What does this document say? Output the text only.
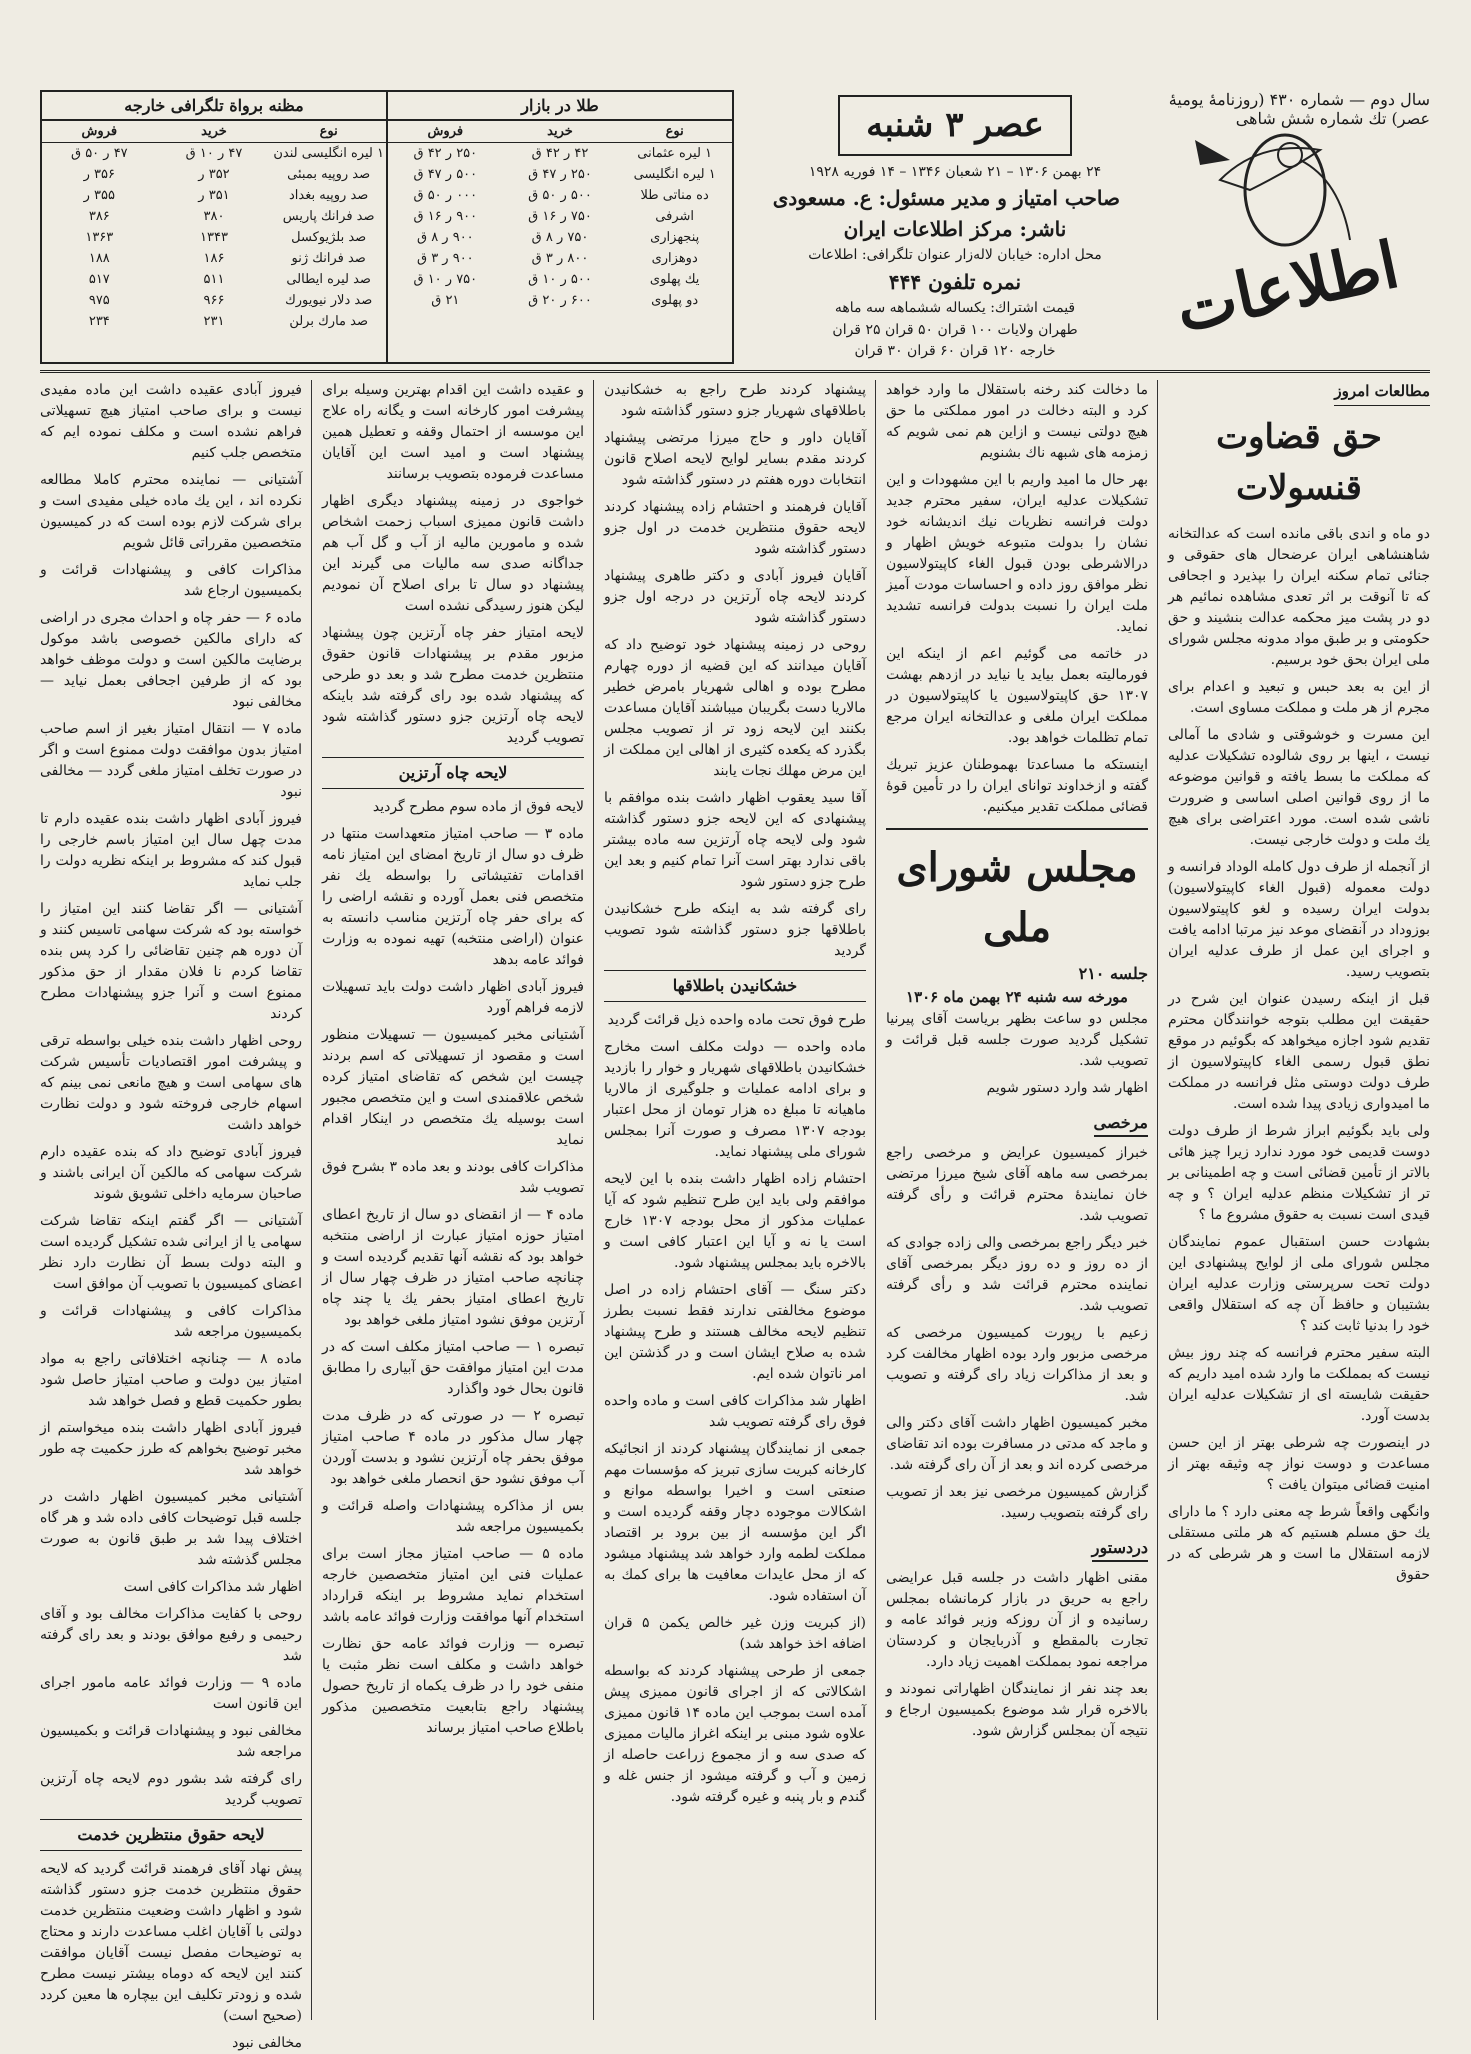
سال دوم — شماره ۴۳۰ (روزنامهٔ یومیهٔ عصر) تك شماره شش شاهی
اطلاعات
عصر ۳ شنبه
۲۴ بهمن ۱۳۰۶ – ۲۱ شعبان ۱۳۴۶ – ۱۴ فوریه ۱۹۲۸
صاحب امتیاز و مدیر مسئول: ع. مسعودی
ناشر: مرکز اطلاعات ایران
محل اداره: خیابان لاله‌زار عنوان تلگرافی: اطلاعات
نمره تلفون ۴۴۴
قیمت اشتراك: یکساله ششماهه سه ماهه
طهران ولایات ۱۰۰ قران ۵۰ قران ۲۵ قران
خارجه ۱۲۰ قران ۶۰ قران ۳۰ قران
طلا در بازار
نوع
خرید
فروش
۱ لیره عثمانی
۴۲ ر ۴۲ ق
۲۵۰ ر ۴۲ ق
۱ لیره انگلیسی
۲۵۰ ر ۴۷ ق
۵۰۰ ر ۴۷ ق
ده مناتی طلا
۵۰۰ ر ۵۰ ق
۰۰۰ ر ۵۰ ق
اشرفی
۷۵۰ ر ۱۶ ق
۹۰۰ ر ۱۶ ق
پنجهزاری
۷۵۰ ر ۸ ق
۹۰۰ ر ۸ ق
دوهزاری
۸۰۰ ر ۳ ق
۹۰۰ ر ۳ ق
یك پهلوی
۵۰۰ ر ۱۰ ق
۷۵۰ ر ۱۰ ق
دو پهلوی
۶۰۰ ر ۲۰ ق
۲۱ ق
مظنه برواة تلگرافی خارجه
نوع
خرید
فروش
۱ لیره انگلیسی لندن
۴۷ ر ۱۰ ق
۴۷ ر ۵۰ ق
صد روپیه بمبئی
۳۵۲ ر
۳۵۶ ر
صد روپیه بغداد
۳۵۱ ر
۳۵۵ ر
صد فرانك پاریس
۳۸۰
۳۸۶
صد بلژیوکسل
۱۳۴۳
۱۳۶۳
صد فرانك ژنو
۱۸۶
۱۸۸
صد لیره ایطالی
۵۱۱
۵۱۷
صد دلار نیویورك
۹۶۶
۹۷۵
صد مارك برلن
۲۳۱
۲۳۴
مطالعات امروز
حق قضاوت قنسولات

دو ماه و اندی باقی مانده است که عدالتخانه شاهنشاهی ایران عرضحال های حقوقی و جنائی تمام سکنه ایران را بپذیرد و اجحافی که تا آنوقت بر اثر تعدی مشاهده نمائیم هر دو در پشت میز محکمه عدالت بنشیند و حق حکومتی و بر طبق مواد مدونه مجلس شورای ملی ایران بحق خود برسیم.

از این به بعد حبس و تبعید و اعدام برای مجرم از هر ملت و مملکت مساوی است.

این مسرت و خوشوقتی و شادی ما آمالی نیست ، اینها بر روی شالوده تشکیلات عدلیه که مملکت ما بسط یافته و قوانین موضوعه ما از روی قوانین اصلی اساسی و ضرورت ناشی شده است. مورد اعتراضی برای هیچ یك ملت و دولت خارجی نیست.

از آنجمله از طرف دول کامله الوداد فرانسه و دولت معموله (قبول الغاء کاپیتولاسیون) بدولت ایران رسیده و لغو کاپیتولاسیون بوزوداد در آنقضای موعد نیز مرتبا ادامه یافت و اجرای این عمل از طرف عدلیه ایران بتصویب رسید.

قبل از اینکه رسیدن عنوان این شرح در حقیقت این مطلب بتوجه خوانندگان محترم تقدیم شود اجازه میخواهد که بگوئیم در موقع نطق قبول رسمی الغاء کاپیتولاسیون از طرف دولت دوستی مثل فرانسه در مملکت ما امیدواری زیادی پیدا شده است.

ولی باید بگوئیم ابراز شرط از طرف دولت دوست قدیمی خود مورد ندارد زیرا چیز هائی بالاتر از تأمین قضائی است و چه اطمینانی بر تر از تشکیلات منظم عدلیه ایران ؟ و چه قیدی است نسبت به حقوق مشروع ما ؟

بشهادت حسن استقبال عموم نمایندگان مجلس شورای ملی از لوایح پیشنهادی این دولت تحت سرپرستی وزارت عدلیه ایران بشتیبان و حافظ آن چه که استقلال واقعی خود را بدنیا ثابت کند ؟

البته سفیر محترم فرانسه که چند روز بیش نیست که بمملکت ما وارد شده امید داریم که حقیقت شایسته ای از تشکیلات عدلیه ایران بدست آورد.

در اینصورت چه شرطی بهتر از این حسن مساعدت و دوست نواز چه وثیقه بهتر از امنیت قضائی میتوان یافت ؟

وانگهی واقعاً شرط چه معنی دارد ؟ ما دارای یك حق مسلم هستیم که هر ملتی مستقلی لازمه استقلال ما است و هر شرطی که در حقوق

ما دخالت کند رخنه باستقلال ما وارد خواهد کرد و البته دخالت در امور مملکتی ما حق هیچ دولتی نیست و ازاین هم نمی شویم که زمزمه های شبهه ناك بشنویم

بهر حال ما امید واریم با این مشهودات و این تشکیلات عدلیه ایران، سفیر محترم جدید دولت فرانسه نظریات نیك اندیشانه خود نشان را بدولت متبوعه خویش اظهار و درالاشرطی بودن قبول الغاء کاپیتولاسیون نظر موافق روز داده و احساسات مودت آمیز ملت ایران را نسبت بدولت فرانسه تشدید نماید.

در خاتمه می گوئیم اعم از اینکه این فورمالیته بعمل بیاید یا نیاید در ازدهم بهشت ۱۳۰۷ حق کاپیتولاسیون یا کاپیتولاسیون در مملکت ایران ملغی و عدالتخانه ایران مرجع تمام تظلمات خواهد بود.

اینستکه ما مساعدتا بهموطنان عزیز تبریك گفته و ازخداوند توانای ایران را در تأمین قوهٔ قضائی مملکت تقدیر میکنیم.

مجلس شورای ملی
جلسه ۲۱۰
مورخه سه شنبه ۲۴ بهمن ماه ۱۳۰۶

مجلس دو ساعت بظهر بریاست آقای پیرنیا تشکیل گردید صورت جلسه قبل قرائت و تصویب شد.

اظهار شد وارد دستور شویم

مرخصی

خبراز کمیسیون عرایض و مرخصی راجع بمرخصی سه ماهه آقای شیخ میرزا مرتضی خان نمایندهٔ محترم قرائت و رأی گرفته تصویب شد.

خبر دیگر راجع بمرخصی والی زاده جوادی که از ده روز و ده روز دیگر بمرخصی آقای نماینده محترم قرائت شد و رأی گرفته تصویب شد.

زعیم با رپورت کمیسیون مرخصی که مرخصی مزبور وارد بوده اظهار مخالفت کرد و بعد از مذاکرات زیاد رای گرفته و تصویب شد.

مخبر کمیسیون اظهار داشت آقای دکتر والی و ماجد که مدتی در مسافرت بوده اند تقاضای مرخصی کرده اند و بعد از آن رای گرفته شد.

گزارش کمیسیون مرخصی نیز بعد از تصویب رای گرفته بتصویب رسید.

دردستور

مقنی اظهار داشت در جلسه قبل عرایضی راجع به حریق در بازار کرمانشاه بمجلس رسانیده و از آن روزکه وزیر فوائد عامه و تجارت بالمقطع و آذربایجان و کردستان مراجعه نمود بمملکت اهمیت زیاد دارد.

بعد چند نفر از نمایندگان اظهاراتی نمودند و بالاخره قرار شد موضوع بکمیسیون ارجاع و نتیجه آن بمجلس گزارش شود.

پیشنهاد کردند طرح راجع به خشکانیدن باطلاقهای شهریار جزو دستور گذاشته شود

آقایان داور و حاج میرزا مرتضی پیشنهاد کردند مقدم بسایر لوایح لایحه اصلاح قانون انتخابات دوره هفتم در دستور گذاشته شود

آقایان فرهمند و احتشام زاده پیشنهاد کردند لایحه حقوق منتظرین خدمت در اول جزو دستور گذاشته شود

آقایان فیروز آبادی و دکتر طاهری پیشنهاد کردند لایحه چاه آرتزین در درجه اول جزو دستور گذاشته شود

روحی در زمینه پیشنهاد خود توضیح داد که آقایان میدانند که این قضیه از دوره چهارم مطرح بوده و اهالی شهریار بامرض خطیر مالاریا دست بگریبان میباشند آقایان مساعدت بکنند این لایحه زود تر از تصویب مجلس بگذرد که یکعده کثیری از اهالی این مملکت از این مرض مهلك نجات یابند

آقا سید یعقوب اظهار داشت بنده موافقم با پیشنهادی که این لایحه جزو دستور گذاشته شود ولی لایحه چاه آرتزین سه ماده بیشتر باقی ندارد بهتر است آنرا تمام کنیم و بعد این طرح جزو دستور شود

رای گرفته شد به اینکه طرح خشکانیدن باطلاقها جزو دستور گذاشته شود تصویب گردید

خشکانیدن باطلاقها

طرح فوق تحت ماده واحده ذیل قرائت گردید

ماده واحده — دولت مکلف است مخارج خشکانیدن باطلاقهای شهریار و خوار را بازدید و برای ادامه عملیات و جلوگیری از مالاریا ماهیانه تا مبلغ ده هزار تومان از محل اعتبار بودجه ۱۳۰۷ مصرف و صورت آنرا بمجلس شورای ملی پیشنهاد نماید.

احتشام زاده اظهار داشت بنده با این لایحه موافقم ولی باید این طرح تنظیم شود که آیا عملیات مذکور از محل بودجه ۱۳۰۷ خارج است یا نه و آیا این اعتبار کافی است و بالاخره باید بمجلس پیشنهاد شود.

دکتر سنگ — آقای احتشام زاده در اصل موضوع مخالفتی ندارند فقط نسبت بطرز تنظیم لایحه مخالف هستند و طرح پیشنهاد شده به صلاح ایشان است و در گذشتن این امر ناتوان شده ایم.

اظهار شد مذاکرات کافی است و ماده واحده فوق رای گرفته تصویب شد

جمعی از نمایندگان پیشنهاد کردند از انجائیکه کارخانه کبریت سازی تبریز که مؤسسات مهم صنعتی است و اخیرا بواسطه موانع و اشکالات موجوده دچار وقفه گردیده است و اگر این مؤسسه از بین برود بر اقتصاد مملکت لطمه وارد خواهد شد پیشنهاد میشود که از محل عایدات معافیت ها برای کمك به آن استفاده شود.

(از کبریت وزن غیر خالص یکمن ۵ قران اضافه اخذ خواهد شد)

جمعی از طرحی پیشنهاد کردند که بواسطه اشکالاتی که از اجرای قانون ممیزی پیش آمده است بموجب این ماده ۱۴ قانون ممیزی علاوه شود مبنی بر اینکه اغراز مالیات ممیزی که صدی سه و از مجموع زراعت حاصله از زمین و آب و گرفته میشود از جنس غله و گندم و بار پنبه و غیره گرفته شود.

و عقیده داشت این اقدام بهترین وسیله برای پیشرفت امور کارخانه است و یگانه راه علاج این موسسه از احتمال وقفه و تعطیل همین پیشنهاد است و امید است این آقایان مساعدت فرموده بتصویب برسانند

خواجوی در زمینه پیشنهاد دیگری اظهار داشت قانون ممیزی اسباب زحمت اشخاص شده و مامورین مالیه از آب و گل آب هم جداگانه صدی سه مالیات می گیرند این پیشنهاد دو سال تا برای اصلاح آن نمودیم لیکن هنوز رسیدگی نشده است

لایحه امتیاز حفر چاه آرتزین چون پیشنهاد مزبور مقدم بر پیشنهادات قانون حقوق منتظرین خدمت مطرح شد و بعد دو طرحی که پیشنهاد شده بود رای گرفته شد باینکه لایحه چاه آرتزین جزو دستور گذاشته شود تصویب گردید

لایحه چاه آرتزین

لایحه فوق از ماده سوم مطرح گردید

ماده ۳ — صاحب امتیاز متعهداست منتها در ظرف دو سال از تاریخ امضای این امتیاز نامه اقدامات تفتیشاتی را بواسطه یك نفر متخصص فنی بعمل آورده و نقشه اراضی را که برای حفر چاه آرتزین مناسب دانسته به عنوان (اراضی منتخبه) تهیه نموده به وزارت فوائد عامه بدهد

فیروز آبادی اظهار داشت دولت باید تسهیلات لازمه فراهم آورد

آشتیانی مخبر کمیسیون — تسهیلات منظور است و مقصود از تسهیلاتی که اسم بردند چیست این شخص که تقاضای امتیاز کرده شخص علاقمندی است و این متخصص مجبور است بوسیله یك متخصص در اینکار اقدام نماید

مذاکرات کافی بودند و بعد ماده ۳ بشرح فوق تصویب شد

ماده ۴ — از انقضای دو سال از تاریخ اعطای امتیاز حوزه امتیاز عبارت از اراضی منتخبه خواهد بود که نقشه آنها تقدیم گردیده است و چنانچه صاحب امتیاز در ظرف چهار سال از تاریخ اعطای امتیاز بحفر یك یا چند چاه آرتزین موفق نشود امتیاز ملغی خواهد بود

تبصره ۱ — صاحب امتیاز مکلف است که در مدت این امتیاز موافقت حق آبیاری را مطابق قانون بحال خود واگذارد

تبصره ۲ — در صورتی که در ظرف مدت چهار سال مذکور در ماده ۴ صاحب امتیاز موفق بحفر چاه آرتزین نشود و بدست آوردن آب موفق نشود حق انحصار ملغی خواهد بود

بس از مذاکره پیشنهادات واصله قرائت و بکمیسیون مراجعه شد

ماده ۵ — صاحب امتیاز مجاز است برای عملیات فنی این امتیاز متخصصین خارجه استخدام نماید مشروط بر اینکه قرارداد استخدام آنها موافقت وزارت فوائد عامه باشد

تبصره — وزارت فوائد عامه حق نظارت خواهد داشت و مکلف است نظر مثبت یا منفی خود را در ظرف یکماه از تاریخ حصول پیشنهاد راجع بتابعیت متخصصین مذکور باطلاع صاحب امتیاز برساند

فیروز آبادی عقیده داشت این ماده مفیدی نیست و برای صاحب امتیاز هیچ تسهیلاتی فراهم نشده است و مکلف نموده ایم که متخصص جلب کنیم

آشتیانی — نماینده محترم کاملا مطالعه نکرده اند ، این یك ماده خیلی مفیدی است و برای شرکت لازم بوده است که در کمیسیون متخصصین مقرراتی قائل شویم

مذاکرات کافی و پیشنهادات قرائت و بکمیسیون ارجاع شد

ماده ۶ — حفر چاه و احداث مجری در اراضی که دارای مالکین خصوصی باشد موکول برضایت مالکین است و دولت موظف خواهد بود که از طرفین اجحافی بعمل نیاید — مخالفی نبود

ماده ۷ — انتقال امتیاز بغیر از اسم صاحب امتیاز بدون موافقت دولت ممنوع است و اگر در صورت تخلف امتیاز ملغی گردد — مخالفی نبود

فیروز آبادی اظهار داشت بنده عقیده دارم تا مدت چهل سال این امتیاز باسم خارجی را قبول کند که مشروط بر اینکه نظریه دولت را جلب نماید

آشتیانی — اگر تقاضا کنند این امتیاز را خواسته بود که شرکت سهامی تاسیس کنند و آن دوره هم چنین تقاضائی را کرد پس بنده تقاضا کردم نا فلان مقدار از حق مذکور ممنوع است و آنرا جزو پیشنهادات مطرح کردند

روحی اظهار داشت بنده خیلی بواسطه ترقی و پیشرفت امور اقتصادیات تأسیس شرکت های سهامی است و هیچ مانعی نمی بینم که اسهام خارجی فروخته شود و دولت نظارت خواهد داشت

فیروز آبادی توضیح داد که بنده عقیده دارم شرکت سهامی که مالکین آن ایرانی باشند و صاحبان سرمایه داخلی تشویق شوند

آشتیانی — اگر گفتم اینکه تقاضا شرکت سهامی یا از ایرانی شده تشکیل گردیده است و البته دولت بسط آن نظارت دارد نظر اعضای کمیسیون با تصویب آن موافق است

مذاکرات کافی و پیشنهادات قرائت و بکمیسیون مراجعه شد

ماده ۸ — چنانچه اختلافاتی راجع به مواد امتیاز بین دولت و صاحب امتیاز حاصل شود بطور حکمیت قطع و فصل خواهد شد

فیروز آبادی اظهار داشت بنده میخواستم از مخبر توضیح بخواهم که طرز حکمیت چه طور خواهد شد

آشتیانی مخبر کمیسیون اظهار داشت در جلسه قبل توضیحات کافی داده شد و هر گاه اختلاف پیدا شد بر طبق قانون به صورت مجلس گذشته شد

اظهار شد مذاکرات کافی است

روحی با کفایت مذاکرات مخالف بود و آقای رحیمی و رفیع موافق بودند و بعد رای گرفته شد

ماده ۹ — وزارت فوائد عامه مامور اجرای این قانون است

مخالفی نبود و پیشنهادات قرائت و بکمیسیون مراجعه شد

رای گرفته شد بشور دوم لایحه چاه آرتزین تصویب گردید

لایحه حقوق منتظرین خدمت

پیش نهاد آقای فرهمند قرائت گردید که لایحه حقوق منتظرین خدمت جزو دستور گذاشته شود و اظهار داشت وضعیت منتظرین خدمت دولتی با آقایان اغلب مساعدت دارند و محتاج به توضیحات مفصل نیست آقایان موافقت کنند این لایحه که دوماه بیشتر نیست مطرح شده و زودتر تکلیف این بیچاره ها معین کردد (صحیح است)

مخالفی نبود
